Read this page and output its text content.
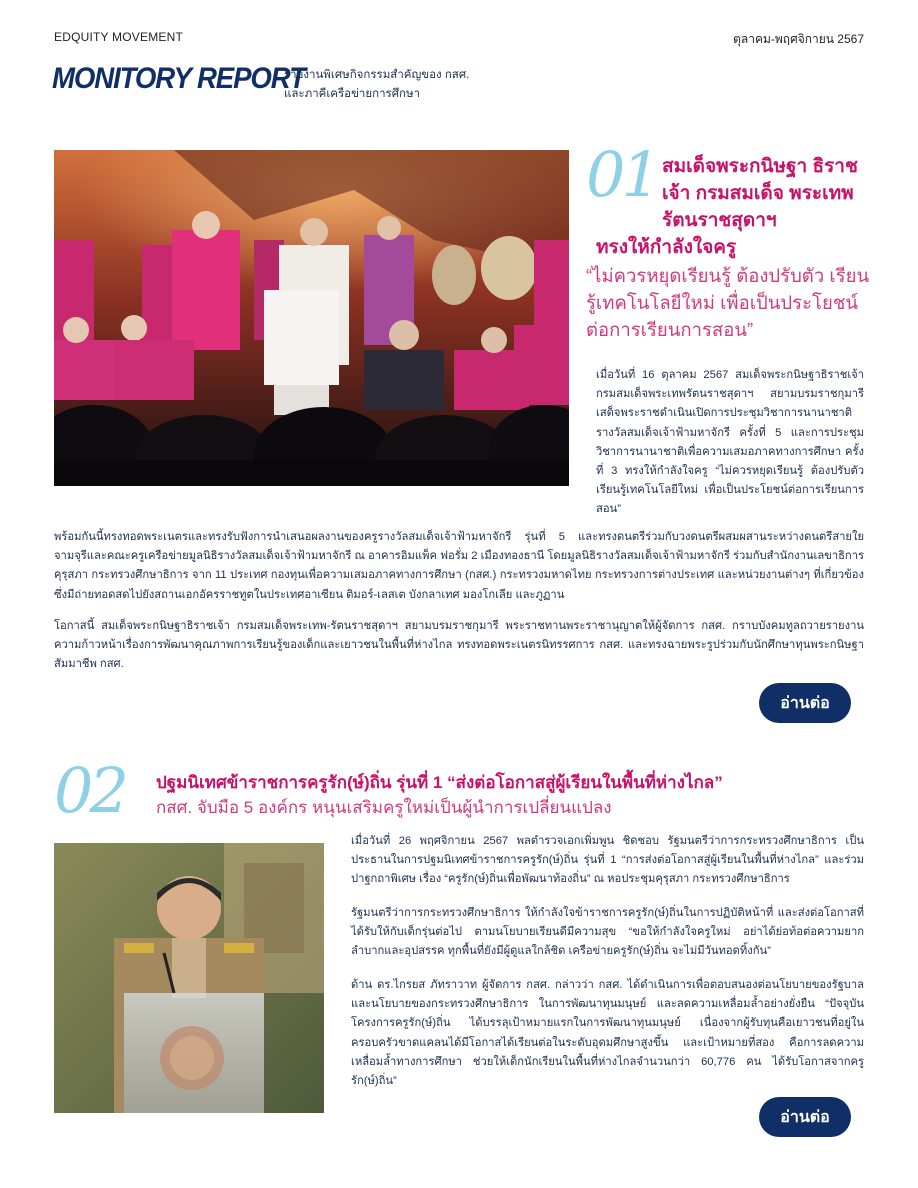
EDQUITY MOVEMENT	ตุลาคม-พฤศจิกายน 2567
MONITORY REPORT
รายงานพิเศษกิจกรรมสำคัญของ กสศ.
และภาคีเครือข่ายการศึกษา
01 สมเด็จพระกนิษฐา ธิราชเจ้า กรมสมเด็จ พระเทพรัตนราชสุดาฯ
ทรงให้กำลังใจครู
“ไม่ควรหยุดเรียนรู้ ต้องปรับตัว เรียนรู้เทคโนโลยีใหม่ เพื่อเป็นประโยชน์ต่อการเรียนการสอน”
เมื่อวันที่ 16 ตุลาคม 2567 สมเด็จพระกนิษฐาธิราชเจ้า กรมสมเด็จพระเทพรัตนราชสุดาฯ สยามบรมราชกุมารี เสด็จพระราชดำเนินเปิดการประชุมวิชาการนานาชาติรางวัลสมเด็จเจ้าฟ้ามหาจักรี ครั้งที่ 5 และการประชุมวิชาการนานาชาติเพื่อความเสมอภาคทางการศึกษา ครั้งที่ 3 ทรงให้กำลังใจครู “ไม่ควรหยุดเรียนรู้ ต้องปรับตัว เรียนรู้เทคโนโลยีใหม่ เพื่อเป็นประโยชน์ต่อการเรียนการสอน”
พร้อมกันนี้ทรงทอดพระเนตรและทรงรับฟังการนำเสนอผลงานของครูรางวัลสมเด็จเจ้าฟ้ามหาจักรี รุ่นที่ 5 และทรงดนตรีร่วมกับวงดนตรีผสมผสานระหว่างดนตรีสายใยจามจุรีและคณะครูเครือข่ายมูลนิธิรางวัลสมเด็จเจ้าฟ้ามหาจักรี ณ อาคารอิมแพ็ค ฟอรั่ม 2 เมืองทองธานี โดยมูลนิธิรางวัลสมเด็จเจ้าฟ้ามหาจักรี ร่วมกับสำนักงานเลขาธิการคุรุสภา กระทรวงศึกษาธิการ จาก 11 ประเทศ กองทุนเพื่อความเสมอภาคทางการศึกษา (กสศ.) กระทรวงมหาดไทย กระทรวงการต่างประเทศ และหน่วยงานต่างๆ ที่เกี่ยวข้อง ซึ่งมีถ่ายทอดสดไปยังสถานเอกอัครราชทูตในประเทศอาเซียน ติมอร์-เลสเต บังกลาเทศ มองโกเลีย และภูฏาน
โอกาสนี้ สมเด็จพระกนิษฐาธิราชเจ้า กรมสมเด็จพระเทพ-รัตนราชสุดาฯ สยามบรมราชกุมารี พระราชทานพระราชานุญาตให้ผู้จัดการ กสศ. กราบบังคมทูลถวายรายงานความก้าวหน้าเรื่องการพัฒนาคุณภาพการเรียนรู้ของเด็กและเยาวชนในพื้นที่ห่างไกล ทรงทอดพระเนตรนิทรรศการ กสศ. และทรงฉายพระรูปร่วมกับนักศึกษาทุนพระกนิษฐาสัมมาชีพ กสศ.
อ่านต่อ
02 ปฐมนิเทศข้าราชการครูรัก(ษ์)ถิ่น รุ่นที่ 1 “ส่งต่อโอกาสสู่ผู้เรียนในพื้นที่ห่างไกล”
กสศ. จับมือ 5 องค์กร หนุนเสริมครูใหม่เป็นผู้นำการเปลี่ยนแปลง
เมื่อวันที่ 26 พฤศจิกายน 2567 พลตำรวจเอกเพิ่มพูน ชิดชอบ รัฐมนตรีว่าการกระทรวงศึกษาธิการ เป็นประธานในการปฐมนิเทศข้าราชการครูรัก(ษ์)ถิ่น รุ่นที่ 1 “การส่งต่อโอกาสสู่ผู้เรียนในพื้นที่ห่างไกล” และร่วมปาฐกถาพิเศษ เรื่อง “ครูรัก(ษ์)ถิ่นเพื่อพัฒนาท้องถิ่น” ณ หอประชุมคุรุสภา กระทรวงศึกษาธิการ
รัฐมนตรีว่าการกระทรวงศึกษาธิการ ให้กำลังใจข้าราชการครูรัก(ษ์)ถิ่นในการปฏิบัติหน้าที่ และส่งต่อโอกาสที่ได้รับให้กับเด็กรุ่นต่อไป ตามนโยบายเรียนดีมีความสุข “ขอให้กำลังใจครูใหม่ อย่าได้ย่อท้อต่อความยากลำบากและอุปสรรค ทุกพื้นที่ยังมีผู้ดูแลใกล้ชิด เครือข่ายครูรัก(ษ์)ถิ่น จะไม่มีวันทอดทิ้งกัน”
ด้าน ดร.ไกรยส ภัทราวาท ผู้จัดการ กสศ. กล่าวว่า กสศ. ได้ดำเนินการเพื่อตอบสนองต่อนโยบายของรัฐบาลและนโยบายของกระทรวงศึกษาธิการ ในการพัฒนาทุนมนุษย์ และลดความเหลื่อมล้ำอย่างยั่งยืน “ปัจจุบันโครงการครูรัก(ษ์)ถิ่น ได้บรรลุเป้าหมายแรกในการพัฒนาทุนมนุษย์ เนื่องจากผู้รับทุนคือเยาวชนที่อยู่ในครอบครัวขาดแคลนได้มีโอกาสได้เรียนต่อในระดับอุดมศึกษาสูงขึ้น และเป้าหมายที่สอง คือการลดความเหลื่อมล้ำทางการศึกษา ช่วยให้เด็กนักเรียนในพื้นที่ห่างไกลจำนวนกว่า 60,776 คน ได้รับโอกาสจากครูรัก(ษ์)ถิ่น”
อ่านต่อ
